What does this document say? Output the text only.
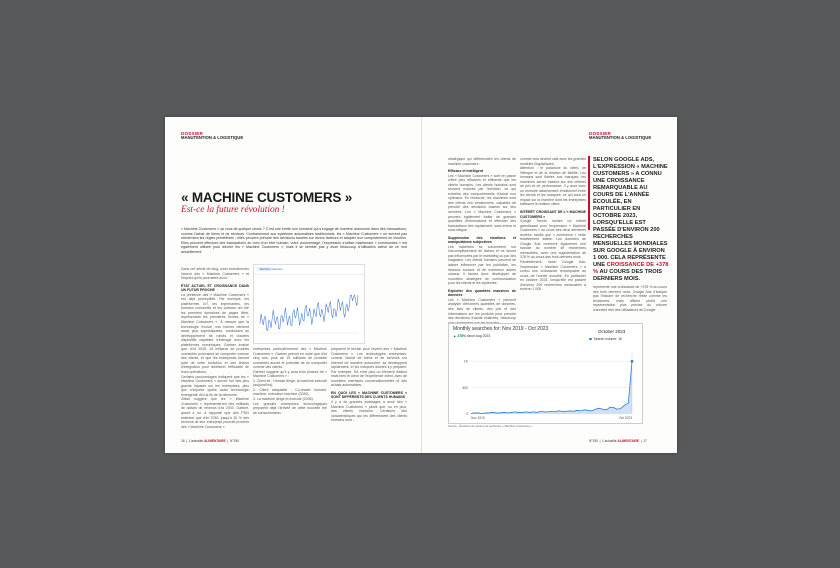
DOSSIER
MANUTENTION & LOGISTIQUE
« MACHINE CUSTOMERS »
Est-ce la future révolution !
« Machine Customers » ça vous dit quelque chose ? C'est une entité non humaine qui s'engage de manière autonome dans des transactions, comme l'achat de biens et de services. Contrairement aux systèmes automatisés traditionnels, les « Machine Customers » ne suivent pas strictement les règles prédéfinies ; elles peuvent prendre des décisions basées sur divers facteurs et adapter leur comportement en fonction. Elles peuvent effectuer des transactions au nom d'un être humain, votre pourcentage, l'expression s'utilise maintenant « commandes » est également utilisée pour décrire les « Machine Customers », mais il se semble pas y avoir beaucoup d'utilisation active de ce mot actuellement.
Dans cet article de blog, nous examinerons l'avenir des « Machine Customers » et l'impact qu'ils pourraient avoir.

ÉTAT ACTUEL ET CROISSANCE DANS UN FUTUR PROCHE
La présence des « Machine Customers » est déjà perceptible. Par exemple, les plateformes IoT, les imprimantes, les bureaux connectés et les voitures ont été les premiers domaines de pages Web, représentant les premières formes de « Machine Customers ». À mesure que la technologie évolue, nos formes dérivent aussi plus sophistiquées, conduisant au développement de robots et d'autres dispositifs capables d'interagir avec les plateformes numériques. Gartner évalue que, d'ici 2028, 15 milliards de produits connectés pourraient se comporter comme des clients, et que les entreprises tireront parti de cette évolution et des leviers d'intégration pour améliorer l'efficacité de leurs opérations.
Certains pourcentages indiquent que les « Machine Customers » auront l'un des plus grands impacts sur les entreprises, plus que n'importe quelle autre technologie émergente d'ici la fin de la décennie.
Zillow suggère que les « Machine Customers » représenteront des milliards de dollars de revenus d'ici 2030. Gartner, quant à lui, a rapporté que des PDG estiment que d'ici 2030, jusqu'à 20 % des revenus de leur entreprise pourrait provenir des « Machine Customers ».

Machine customers
entreprises particulièrement des « Machine Customers ». Gartner prévoit en outre que d'ici cinq ans, plus de 15 milliards de produits connectés auront le potentiel de se comporter comme des clients.
Gartner suggère qu'il y aura trois phases de « Machine Customers » :
1. Client lié : Humain dirige, la machine exécute (aujourd'hui).
2. Client adaptable : Co-leader humain-machine, exécution machine (2026).
3. La machine dirige et exécute (2036).
Les grandes entreprises technologiques préparent déjà l'arrivée de cette nouvelle ère de consommation.

préparent le terrain pour l'avenir des « Machine Customers ». Les technologies entreprises, comme l'achat de biens et de services sur Internet de manière autonome, se développent rapidement, et les marques doivent s'y préparer. Par exemple, l'IA n'est plus un élément distinct mais bien le cœur de l'expérience client, avec de nouvelles interfaces conversationnelles et des achats automatisés.

EN QUOI LES « MACHINE CUSTOMERS » SONT DIFFÉRENTS DES CLIENTS HUMAINS
Il y a de grandes avantages à avoir des « Machine Customers » plutôt que, ou en plus, des clients humains. Certaines des caractéristiques qui les différencient des clients humains sont :

16  |  L'actualité ALIMENTAIRE  |  N°190
DOSSIER
MANUTENTION & LOGISTIQUE
stratégique qui différencient les clients de machine customers :

Efficace et intelligent
Les « Machine Customers » sont en passe d'être plus efficaces et efficients que les clients humains. Les clients humains sont souvent motivés par l'émotion, ce qui entraîne des comportements d'achat non optimaux. En revanche, les machines sont des clients non émotionnels, capables de prendre des décisions basées sur des données. Les « Machine Customers » peuvent également traiter de grandes quantités d'informations et effectuer des transactions très rapidement, sans erreur et sans fatigue.

Suppression des émotions et manipulations subjectives
Les machines se concentrent sur l'accomplissement de tâches et ne seront pas influencées par le marketing ou par des magasins. Les clients humains peuvent se laisser influencer par les publicités, les réseaux sociaux et de nombreux autres canaux. Il faudra donc développer de nouvelles stratégies de communication pour les clients et les systèmes.

Exploiter des quantités massives de données
Les « Machine Customers » peuvent analyser d'énormes quantités de données, des avis de clients, des prix et des informations sur les produits pour prendre des décisions d'achat éclairées, beaucoup

comme cela devient clair avec les grandes modèles linguistiques.
Attention : le paradoxe du client, de l'éthique et de la relation de fidélité. Les humains sont fidèles aux marques, les machines seront basées sur des critères de prix et de performance. Il y aura donc un moindre attachement émotionnel entre les clients et les marques, ce qui aura un impact sur la manière dont les entreprises bâtissent la relation client.

INTÉRÊT CROISSANT DE L'« MACHINE CUSTOMERS »
Google Trends montre un intérêt grandissant pour l'expression « Machine Customers » au cours des deux dernières années, tandis que « commerce » reste relativement stable. Les données de Google Ads montrent également une hausse du nombre de recherches mensuelles, avec une augmentation de 378 % au cours des trois derniers mois.
Parallèlement, selon Google Ads, l'expression « Machine Customers » a connu une croissance remarquable au cours de l'année écoulée. En particulier en octobre 2023, lorsqu'elle est passée d'environ 200 recherches mensuelles à environ 1 000.

SELON GOOGLE ADS, L'EXPRESSION « MACHINE CUSTOMERS » A CONNU UNE CROISSANCE REMARQUABLE AU COURS DE L'ANNÉE ÉCOULÉE, EN PARTICULIER EN OCTOBRE 2023, LORSQU'ELLE EST PASSÉE D'ENVIRON 200 RECHERCHES MENSUELLES MONDIALES SUR GOOGLE À ENVIRON 1 000. CELA REPRÉSENTE UNE CROISSANCE DE +378 % AU COURS DES TROIS DERNIERS MOIS.
représente une croissance de +378 % au cours des trois derniers mois. Google Ads n'indique pas l'histoire de recherche réelle comme les tendances, mais affiche plutôt une représentation plus précise du volume d'années réel des utilisateurs de Google.

1K
500
0
Nov 2019	Oct 2023
Monthly searches for: Nov 2019 - Oct 2023
▲ 378% since Aug 2023
October 2023
Search volume: 1K
Source : Évolution du volume de recherche « Machine Customers »
N°190  |  L'actualité ALIMENTAIRE  |  17
